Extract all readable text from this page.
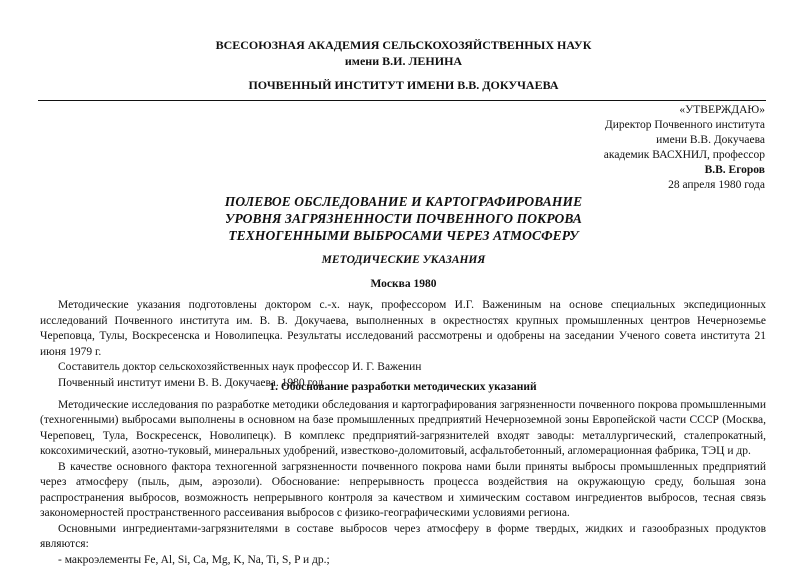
ВСЕСОЮЗНАЯ АКАДЕМИЯ СЕЛЬСКОХОЗЯЙСТВЕННЫХ НАУК
имени В.И. ЛЕНИНА
ПОЧВЕННЫЙ ИНСТИТУТ ИМЕНИ В.В. ДОКУЧАЕВА
«УТВЕРЖДАЮ»
Директор Почвенного института
имени В.В. Докучаева
академик ВАСХНИЛ, профессор
В.В. Егоров
28 апреля 1980 года
ПОЛЕВОЕ ОБСЛЕДОВАНИЕ И КАРТОГРАФИРОВАНИЕ
УРОВНЯ ЗАГРЯЗНЕННОСТИ ПОЧВЕННОГО ПОКРОВА
ТЕХНОГЕННЫМИ ВЫБРОСАМИ ЧЕРЕЗ АТМОСФЕРУ
МЕТОДИЧЕСКИЕ УКАЗАНИЯ
Москва 1980

Методические указания подготовлены доктором с.-х. наук, профессором И.Г. Важениным на основе специальных экспедиционных исследований Почвенного института им. В. В. Докучаева, выполненных в окрестностях крупных промышленных центров Нечерноземье Череповца, Тулы, Воскресенска и Новолипецка. Результаты исследований рассмотрены и одобрены на заседании Ученого совета института 21 июня 1979 г.

Составитель доктор сельскохозяйственных наук профессор И. Г. Важенин

Почвенный институт имени В. В. Докучаева. 1980 год

1. Обоснование разработки методических указаний

Методические исследования по разработке методики обследования и картографирования загрязненности почвенного покрова промышленными (техногенными) выбросами выполнены в основном на базе промышленных предприятий Нечерноземной зоны Европейской части СССР (Москва, Череповец, Тула, Воскресенск, Новолипецк). В комплекс предприятий-загрязнителей входят заводы: металлургический, сталепрокатный, коксохимический, азотно-туковый, минеральных удобрений, известково-доломитовый, асфальтобетонный, агломерационная фабрика, ТЭЦ и др.

В качестве основного фактора техногенной загрязненности почвенного покрова нами были приняты выбросы промышленных предприятий через атмосферу (пыль, дым, аэрозоли). Обоснование: непрерывность процесса воздействия на окружающую среду, большая зона распространения выбросов, возможность непрерывного контроля за качеством и химическим составом ингредиентов выбросов, тесная связь закономерностей пространственного рассеивания выбросов с физико-географическими условиями региона.

Основными ингредиентами-загрязнителями в составе выбросов через атмосферу в форме твердых, жидких и газообразных продуктов являются:

- макроэлементы Fe, Al, Si, Ca, Mg, K, Na, Ti, S, P и др.;
